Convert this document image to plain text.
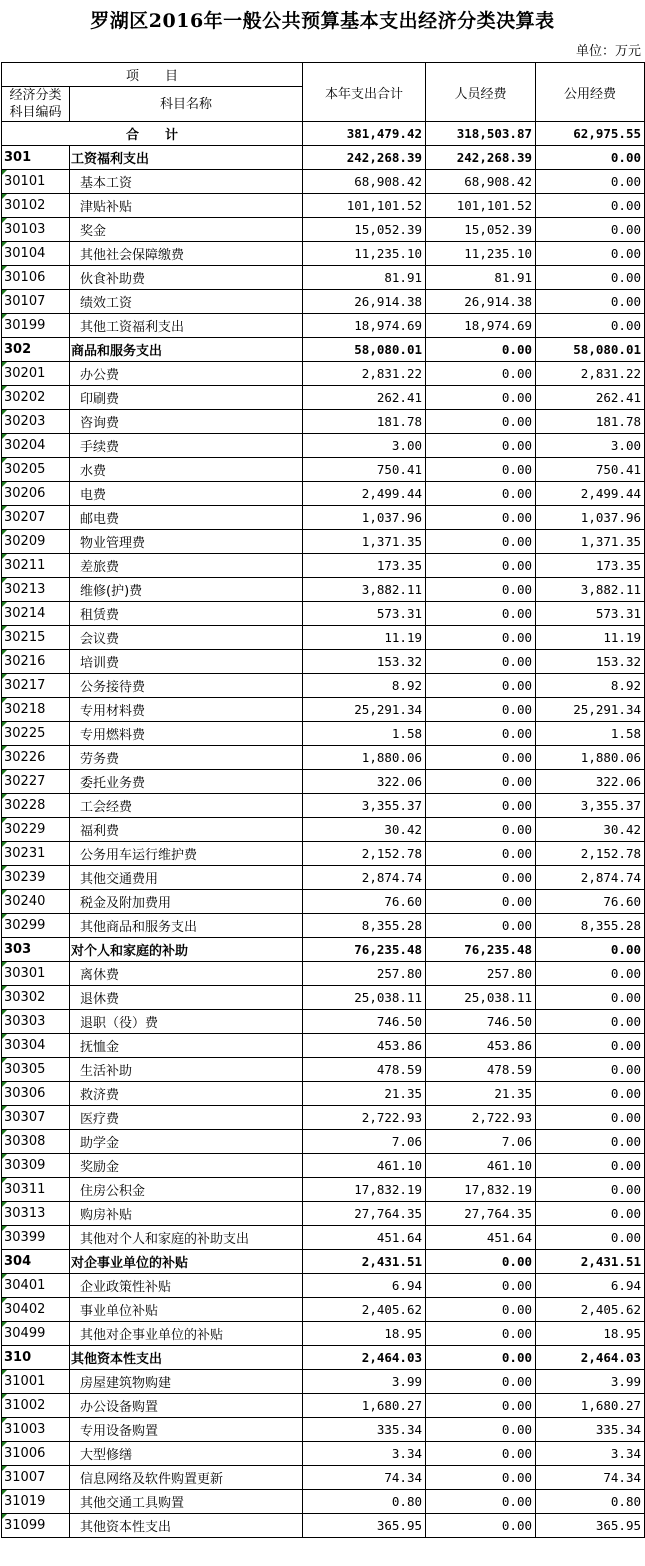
罗湖区2016年一般公共预算基本支出经济分类决算表
单位：万元
项　　目		本年支出合计	人员经费	公用经费

经济分类
科目编码	科目名称			
合　　计		381,479.42	318,503.87	62,975.55
301	工资福利支出	242,268.39	242,268.39	0.00
30101	基本工资	68,908.42	68,908.42	0.00
30102	津贴补贴	101,101.52	101,101.52	0.00
30103	奖金	15,052.39	15,052.39	0.00
30104	其他社会保障缴费	11,235.10	11,235.10	0.00
30106	伙食补助费	81.91	81.91	0.00
30107	绩效工资	26,914.38	26,914.38	0.00
30199	其他工资福利支出	18,974.69	18,974.69	0.00
302	商品和服务支出	58,080.01	0.00	58,080.01
30201	办公费	2,831.22	0.00	2,831.22
30202	印刷费	262.41	0.00	262.41
30203	咨询费	181.78	0.00	181.78
30204	手续费	3.00	0.00	3.00
30205	水费	750.41	0.00	750.41
30206	电费	2,499.44	0.00	2,499.44
30207	邮电费	1,037.96	0.00	1,037.96
30209	物业管理费	1,371.35	0.00	1,371.35
30211	差旅费	173.35	0.00	173.35
30213	维修(护)费	3,882.11	0.00	3,882.11
30214	租赁费	573.31	0.00	573.31
30215	会议费	11.19	0.00	11.19
30216	培训费	153.32	0.00	153.32
30217	公务接待费	8.92	0.00	8.92
30218	专用材料费	25,291.34	0.00	25,291.34
30225	专用燃料费	1.58	0.00	1.58
30226	劳务费	1,880.06	0.00	1,880.06
30227	委托业务费	322.06	0.00	322.06
30228	工会经费	3,355.37	0.00	3,355.37
30229	福利费	30.42	0.00	30.42
30231	公务用车运行维护费	2,152.78	0.00	2,152.78
30239	其他交通费用	2,874.74	0.00	2,874.74
30240	税金及附加费用	76.60	0.00	76.60
30299	其他商品和服务支出	8,355.28	0.00	8,355.28
303	对个人和家庭的补助	76,235.48	76,235.48	0.00
30301	离休费	257.80	257.80	0.00
30302	退休费	25,038.11	25,038.11	0.00
30303	退职（役）费	746.50	746.50	0.00
30304	抚恤金	453.86	453.86	0.00
30305	生活补助	478.59	478.59	0.00
30306	救济费	21.35	21.35	0.00
30307	医疗费	2,722.93	2,722.93	0.00
30308	助学金	7.06	7.06	0.00
30309	奖励金	461.10	461.10	0.00
30311	住房公积金	17,832.19	17,832.19	0.00
30313	购房补贴	27,764.35	27,764.35	0.00
30399	其他对个人和家庭的补助支出	451.64	451.64	0.00
304	对企事业单位的补贴	2,431.51	0.00	2,431.51
30401	企业政策性补贴	6.94	0.00	6.94
30402	事业单位补贴	2,405.62	0.00	2,405.62
30499	其他对企事业单位的补贴	18.95	0.00	18.95
310	其他资本性支出	2,464.03	0.00	2,464.03
31001	房屋建筑物购建	3.99	0.00	3.99
31002	办公设备购置	1,680.27	0.00	1,680.27
31003	专用设备购置	335.34	0.00	335.34
31006	大型修缮	3.34	0.00	3.34
31007	信息网络及软件购置更新	74.34	0.00	74.34
31019	其他交通工具购置	0.80	0.00	0.80
31099	其他资本性支出	365.95	0.00	365.95
